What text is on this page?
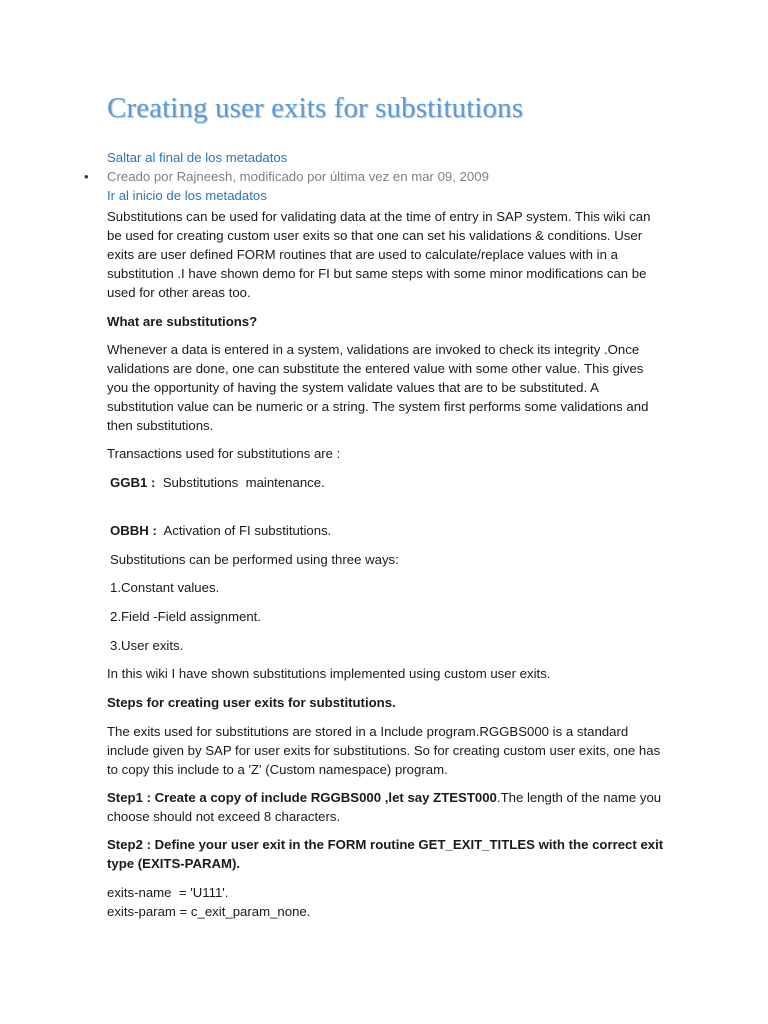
Creating user exits for substitutions

Saltar al final de los metadatos

• Creado por Rajneesh, modificado por última vez en mar 09, 2009

Ir al inicio de los metadatos

Substitutions can be used for validating data at the time of entry in SAP system. This wiki can be used for creating custom user exits so that one can set his validations & conditions. User exits are user defined FORM routines that are used to calculate/replace values with in a substitution .I have shown demo for FI but same steps with some minor modifications can be used for other areas too.

What are substitutions?

Whenever a data is entered in a system, validations are invoked to check its integrity .Once validations are done, one can substitute the entered value with some other value. This gives you the opportunity of having the system validate values that are to be substituted. A substitution value can be numeric or a string. The system first performs some validations and then substitutions.

Transactions used for substitutions are :

GGB1 :  Substitutions  maintenance.

OBBH :  Activation of FI substitutions.

Substitutions can be performed using three ways:

1.Constant values.

2.Field -Field assignment.

3.User exits.

In this wiki I have shown substitutions implemented using custom user exits.

Steps for creating user exits for substitutions.

The exits used for substitutions are stored in a Include program.RGGBS000 is a standard include given by SAP for user exits for substitutions. So for creating custom user exits, one has to copy this include to a 'Z' (Custom namespace) program.

Step1 : Create a copy of include RGGBS000 ,let say ZTEST000.The length of the name you choose should not exceed 8 characters.

Step2 : Define your user exit in the FORM routine GET_EXIT_TITLES with the correct exit type (EXITS-PARAM).

exits-name  = 'U111'.

exits-param = c_exit_param_none.
